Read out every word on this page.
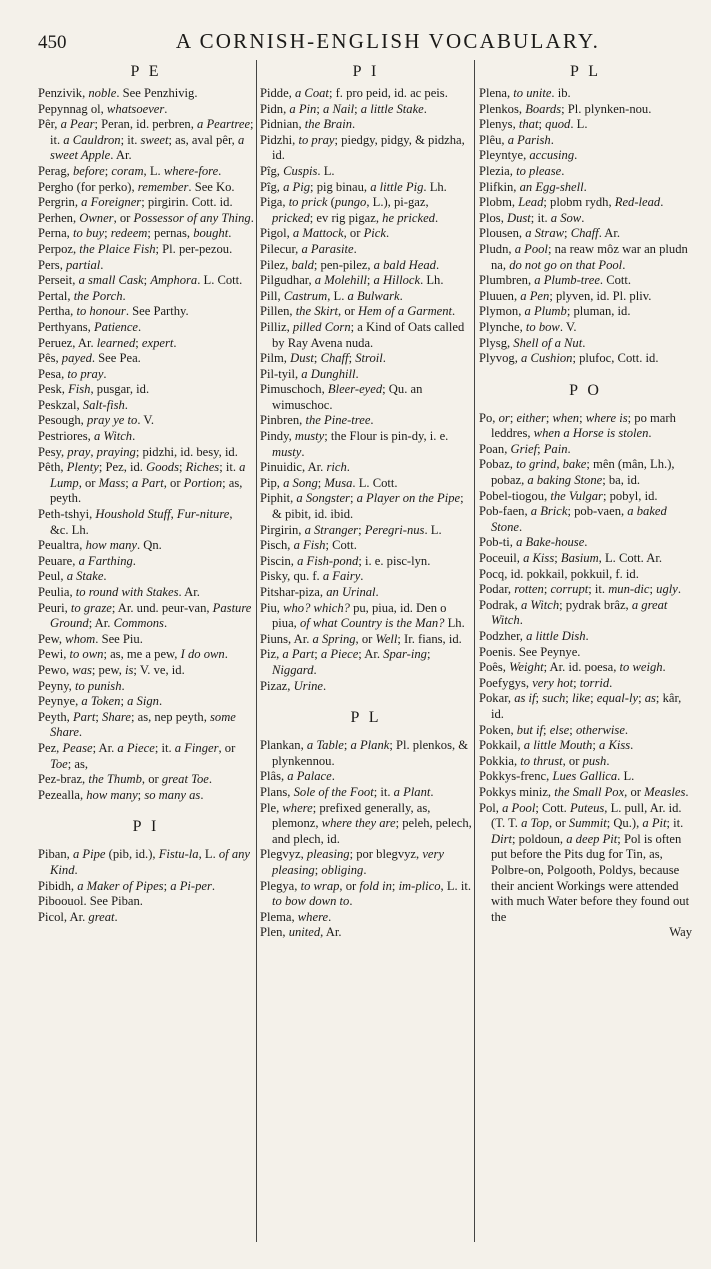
450	A CORNISH-ENGLISH VOCABULARY.
P E
Penzivik, noble. See Penzhivig.
Pepynnag ol, whatsoever.
Pêr, a Pear; Peran, id. perbren, a Peartree; it. a Cauldron; it. sweet; as, aval pêr, a sweet Apple. Ar.
Perag, before; coram, L. where-fore.
Pergho (for perko), remember. See Ko.
Pergrin, a Foreigner; pirgirin. Cott. id.
Perhen, Owner, or Possessor of any Thing.
Perna, to buy; redeem; pernas, bought.
Perpoz, the Plaice Fish; Pl. per-pezou.
Pers, partial.
Perseit, a small Cask; Amphora. L. Cott.
Pertal, the Porch.
Pertha, to honour. See Parthy.
Perthyans, Patience.
Peruez, Ar. learned; expert.
Pês, payed. See Pea.
Pesa, to pray.
Pesk, Fish, pusgar, id.
Peskzal, Salt-fish.
Pesough, pray ye to. V.
Pestriores, a Witch.
Pesy, pray, praying; pidzhi, id. besy, id.
Pêth, Plenty; Pez, id. Goods; Riches; it. a Lump, or Mass; a Part, or Portion; as, peyth.
Peth-tshyi, Houshold Stuff, Fur-niture, &c. Lh.
Peualtra, how many. Qn.
Peuare, a Farthing.
Peul, a Stake.
Peulia, to round with Stakes. Ar.
Peuri, to graze; Ar. und. peur-van, Pasture Ground; Ar. Commons.
Pew, whom. See Piu.
Pewi, to own; as, me a pew, I do own.
Pewo, was; pew, is; V. ve, id.
Peyny, to punish.
Peynye, a Token; a Sign.
Peyth, Part; Share; as, nep peyth, some Share.
Pez, Pease; Ar. a Piece; it. a Finger, or Toe; as,
Pez-braz, the Thumb, or great Toe.
Pezealla, how many; so many as.
P I
Piban, a Pipe (pib, id.), Fistu-la, L. of any Kind.
Pibidh, a Maker of Pipes; a Pi-per.
Piboouol. See Piban.
Picol, Ar. great.
P I
Pidde, a Coat; f. pro peid, id. ac peis.
Pidn, a Pin; a Nail; a little Stake.
Pidnian, the Brain.
Pidzhi, to pray; piedgy, pidgy, & pidzha, id.
Pîg, Cuspis. L.
Pîg, a Pig; pig binau, a little Pig. Lh.
Piga, to prick (pungo, L.), pi-gaz, pricked; ev rig pigaz, he pricked.
Pigol, a Mattock, or Pick.
Pilecur, a Parasite.
Pilez, bald; pen-pilez, a bald Head.
Pilgudhar, a Molehill; a Hillock. Lh.
Pill, Castrum, L. a Bulwark.
Pillen, the Skirt, or Hem of a Garment.
Pilliz, pilled Corn; a Kind of Oats called by Ray Avena nuda.
Pilm, Dust; Chaff; Stroil.
Pil-tyil, a Dunghill.
Pimuschoch, Bleer-eyed; Qu. an wimuschoc.
Pinbren, the Pine-tree.
Pindy, musty; the Flour is pin-dy, i. e. musty.
Pinuidic, Ar. rich.
Pip, a Song; Musa. L. Cott.
Piphit, a Songster; a Player on the Pipe; & pibit, id. ibid.
Pirgirin, a Stranger; Peregri-nus. L.
Pisch, a Fish; Cott.
Piscin, a Fish-pond; i. e. pisc-lyn.
Pisky, qu. f. a Fairy.
Pitshar-piza, an Urinal.
Piu, who? which? pu, piua, id. Den o piua, of what Country is the Man? Lh.
Piuns, Ar. a Spring, or Well; Ir. fians, id.
Piz, a Part; a Piece; Ar. Spar-ing; Niggard.
Pizaz, Urine.
P L
Plankan, a Table; a Plank; Pl. plenkos, & plynkennou.
Plâs, a Palace.
Plans, Sole of the Foot; it. a Plant.
Ple, where; prefixed generally, as, plemonz, where they are; peleh, pelech, and plech, id.
Plegvyz, pleasing; por blegvyz, very pleasing; obliging.
Plegya, to wrap, or fold in; im-plico, L. it. to bow down to.
Plema, where.
Plen, united, Ar.
P L
Plena, to unite. ib.
Plenkos, Boards; Pl. plynken-nou.
Plenys, that; quod. L.
Plêu, a Parish.
Pleyntye, accusing.
Plezia, to please.
Plifkin, an Egg-shell.
Plobm, Lead; plobm rydh, Red-lead.
Plos, Dust; it. a Sow.
Plousen, a Straw; Chaff. Ar.
Pludn, a Pool; na reaw môz war an pludn na, do not go on that Pool.
Plumbren, a Plumb-tree. Cott.
Pluuen, a Pen; plyven, id. Pl. pliv.
Plymon, a Plumb; pluman, id.
Plynche, to bow. V.
Plysg, Shell of a Nut.
Plyvog, a Cushion; plufoc, Cott. id.
P O
Po, or; either; when; where is; po marh leddres, when a Horse is stolen.
Poan, Grief; Pain.
Pobaz, to grind, bake; mên (mân, Lh.), pobaz, a baking Stone; ba, id.
Pobel-tiogou, the Vulgar; pobyl, id.
Pob-faen, a Brick; pob-vaen, a baked Stone.
Pob-ti, a Bake-house.
Poceuil, a Kiss; Basium, L. Cott. Ar.
Pocq, id. pokkail, pokkuil, f. id.
Podar, rotten; corrupt; it. mun-dic; ugly.
Podrak, a Witch; pydrak brâz, a great Witch.
Podzher, a little Dish.
Poenis. See Peynye.
Poês, Weight; Ar. id. poesa, to weigh.
Poefygys, very hot; torrid.
Pokar, as if; such; like; equal-ly; as; kâr, id.
Poken, but if; else; otherwise.
Pokkail, a little Mouth; a Kiss.
Pokkia, to thrust, or push.
Pokkys-frenc, Lues Gallica. L.
Pokkys miniz, the Small Pox, or Measles.
Pol, a Pool; Cott. Puteus, L. pull, Ar. id. (T. T. a Top, or Summit; Qu.), a Pit; it. Dirt; poldoun, a deep Pit; Pol is often put before the Pits dug for Tin, as, Polbre-on, Polgooth, Poldys, because their ancient Workings were attended with much Water before they found out the
Way
